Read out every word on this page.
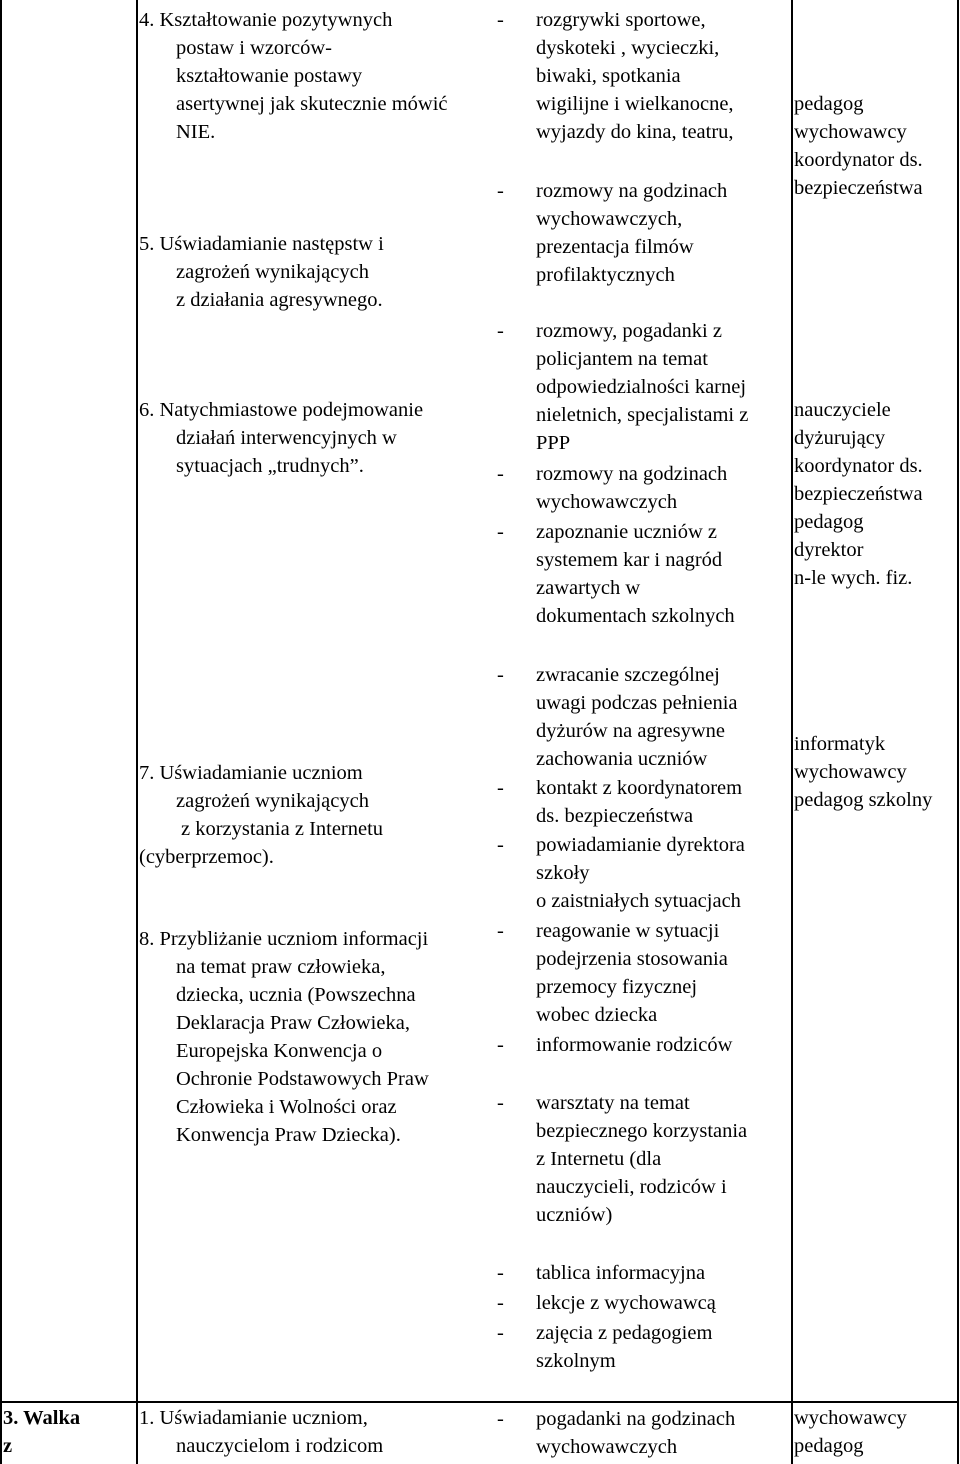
3. Walka
z
4. Kształtowanie pozytywnych
postaw i wzorców-
kształtowanie postawy
asertywnej jak skutecznie mówić
NIE.
5. Uświadamianie następstw i
zagrożeń wynikających
z działania agresywnego.
6. Natychmiastowe podejmowanie
działań interwencyjnych w
sytuacjach „trudnych”.
7. Uświadamianie uczniom
zagrożeń wynikających
z korzystania z Internetu
(cyberprzemoc).
8. Przybliżanie uczniom informacji
na temat praw człowieka,
dziecka, ucznia (Powszechna
Deklaracja Praw Człowieka,
Europejska Konwencja o
Ochronie Podstawowych Praw
Człowieka i Wolności oraz
Konwencja Praw Dziecka).
1. Uświadamianie uczniom,
nauczycielom i rodzicom
- rozgrywki sportowe,
dyskoteki , wycieczki,
biwaki, spotkania
wigilijne i wielkanocne,
wyjazdy do kina, teatru,
- rozmowy na godzinach
wychowawczych,
prezentacja filmów
profilaktycznych
- rozmowy, pogadanki z
policjantem na temat
odpowiedzialności karnej
nieletnich, specjalistami z
PPP
- rozmowy na godzinach
wychowawczych
- zapoznanie uczniów z
systemem kar i nagród
zawartych w
dokumentach szkolnych
- zwracanie szczególnej
uwagi podczas pełnienia
dyżurów na agresywne
zachowania uczniów
- kontakt z koordynatorem
ds. bezpieczeństwa
- powiadamianie dyrektora
szkoły
o zaistniałych sytuacjach
- reagowanie w sytuacji
podejrzenia stosowania
przemocy fizycznej
wobec dziecka
- informowanie rodziców
- warsztaty na temat
bezpiecznego korzystania
z Internetu (dla
nauczycieli, rodziców i
uczniów)
- tablica informacyjna
- lekcje z wychowawcą
- zajęcia z pedagogiem
szkolnym
- pogadanki na godzinach
wychowawczych
pedagog
wychowawcy
koordynator ds.
bezpieczeństwa
nauczyciele
dyżurujący
koordynator ds.
bezpieczeństwa
pedagog
dyrektor
n-le wych. fiz.
informatyk
wychowawcy
pedagog szkolny
wychowawcy
pedagog
